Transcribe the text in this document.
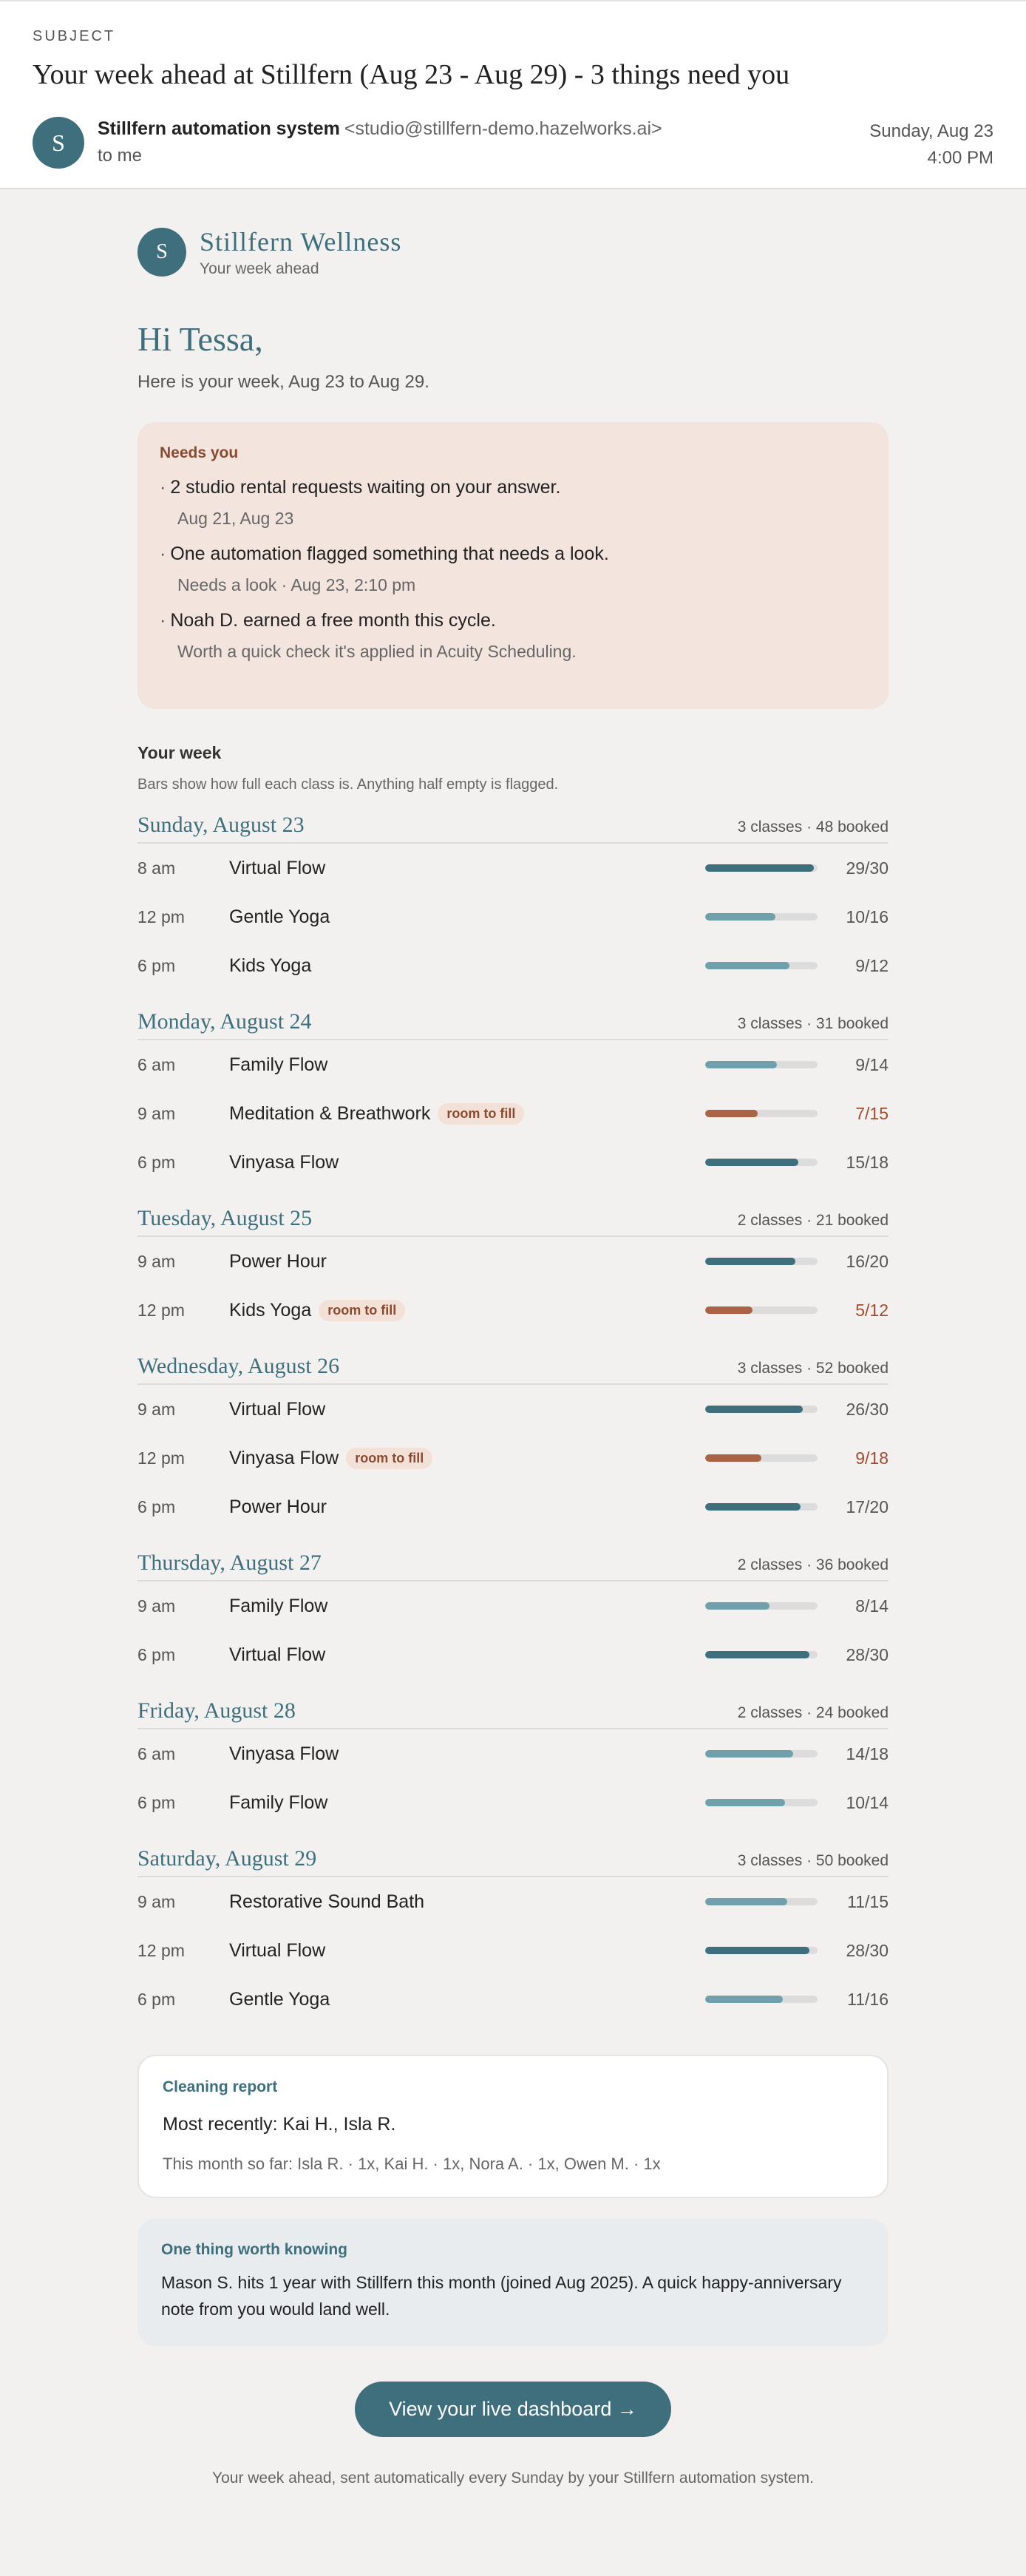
SUBJECT
Your week ahead at Stillfern (Aug 23 - Aug 29) - 3 things need you
S
Stillfern automation system <studio@stillfern-demo.hazelworks.ai>
to me
Sunday, Aug 23
4:00 PM
S	Stillfern Wellness
Your week ahead
Hi Tessa,

Here is your week, Aug 23 to Aug 29.

Needs you
· 2 studio rental requests waiting on your answer.
Aug 21, Aug 23
· One automation flagged something that needs a look.
Needs a look · Aug 23, 2:10 pm
· Noah D. earned a free month this cycle.
Worth a quick check it's applied in Acuity Scheduling.
Your week
Bars show how full each class is. Anything half empty is flagged.
Sunday, August 23	3 classes · 48 booked
8 am	Virtual Flow	29/30
12 pm	Gentle Yoga	10/16
6 pm	Kids Yoga	9/12
Monday, August 24	3 classes · 31 booked
6 am	Family Flow	9/14
9 am	Meditation & Breathwork	room to fill	7/15
6 pm	Vinyasa Flow	15/18
Tuesday, August 25	2 classes · 21 booked
9 am	Power Hour	16/20
12 pm	Kids Yoga	room to fill	5/12
Wednesday, August 26	3 classes · 52 booked
9 am	Virtual Flow	26/30
12 pm	Vinyasa Flow	room to fill	9/18
6 pm	Power Hour	17/20
Thursday, August 27	2 classes · 36 booked
9 am	Family Flow	8/14
6 pm	Virtual Flow	28/30
Friday, August 28	2 classes · 24 booked
6 am	Vinyasa Flow	14/18
6 pm	Family Flow	10/14
Saturday, August 29	3 classes · 50 booked
9 am	Restorative Sound Bath	11/15
12 pm	Virtual Flow	28/30
6 pm	Gentle Yoga	11/16
Cleaning report
Most recently: Kai H., Isla R.
This month so far: Isla R. · 1x, Kai H. · 1x, Nora A. · 1x, Owen M. · 1x
One thing worth knowing
Mason S. hits 1 year with Stillfern this month (joined Aug 2025). A quick happy-anniversary note from you would land well.
View your live dashboard →
Your week ahead, sent automatically every Sunday by your Stillfern automation system.
